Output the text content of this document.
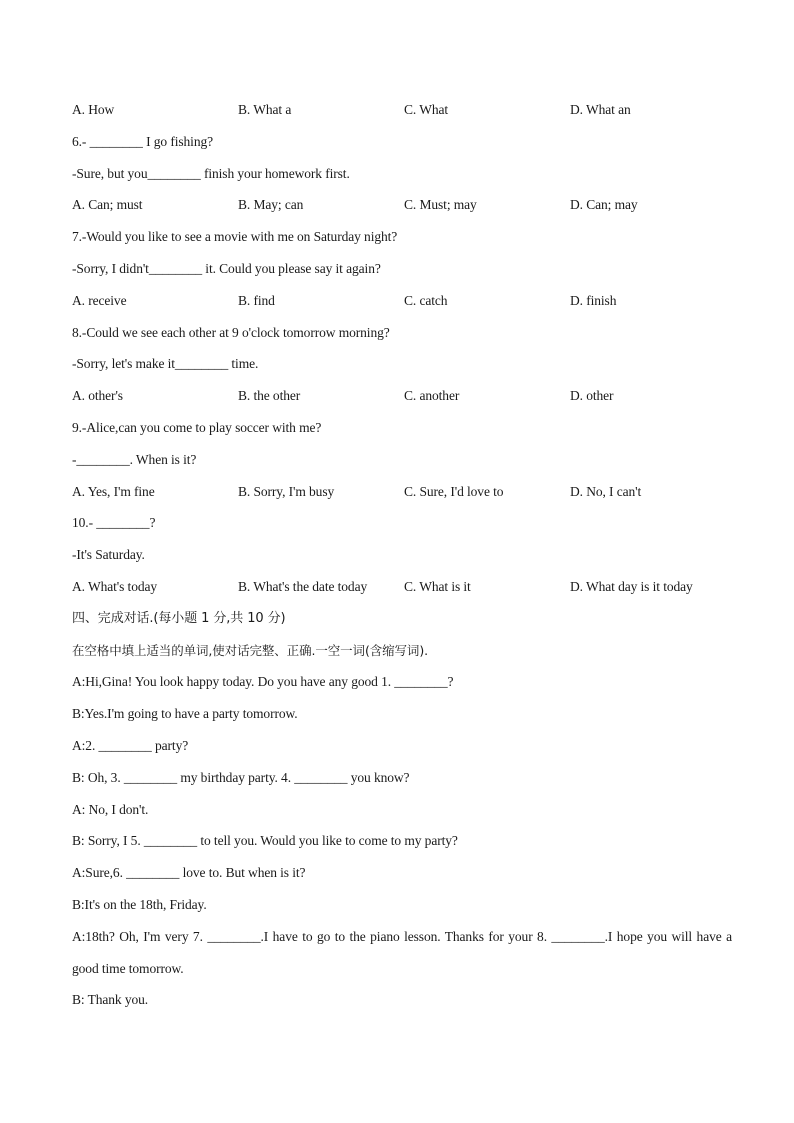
A. How	B. What a	C. What	D. What an
6.- ________ I go fishing?
-Sure, but you________ finish your homework first.
A. Can; must	B. May; can	C. Must; may	D. Can; may
7.-Would you like to see a movie with me on Saturday night?
-Sorry, I didn't________ it. Could you please say it again?
A. receive	B. find	C. catch	D. finish
8.-Could we see each other at 9 o'clock tomorrow morning?
-Sorry, let's make it________ time.
A. other's	B. the other	C. another	D. other
9.-Alice,can you come to play soccer with me?
-________. When is it?
A. Yes, I'm fine	B. Sorry, I'm busy	C. Sure, I'd love to	D. No, I can't
10.- ________?
-It's Saturday.
A. What's today	B. What's the date today	C. What is it	D. What day is it today
四、完成对话.(每小题 1 分,共 10 分)
在空格中填上适当的单词,使对话完整、正确.一空一词(含缩写词).
A:Hi,Gina! You look happy today. Do you have any good 1. ________?
B:Yes.I'm going to have a party tomorrow.
A:2. ________ party?
B: Oh, 3. ________ my birthday party. 4. ________ you know?
A: No, I don't.
B: Sorry, I 5. ________ to tell you. Would you like to come to my party?
A:Sure,6. ________ love to. But when is it?
B:It's on the 18th, Friday.
A:18th? Oh, I'm very 7. ________.I have to go to the piano lesson. Thanks for your 8. ________.I hope you will have a good time tomorrow.
B: Thank you.
